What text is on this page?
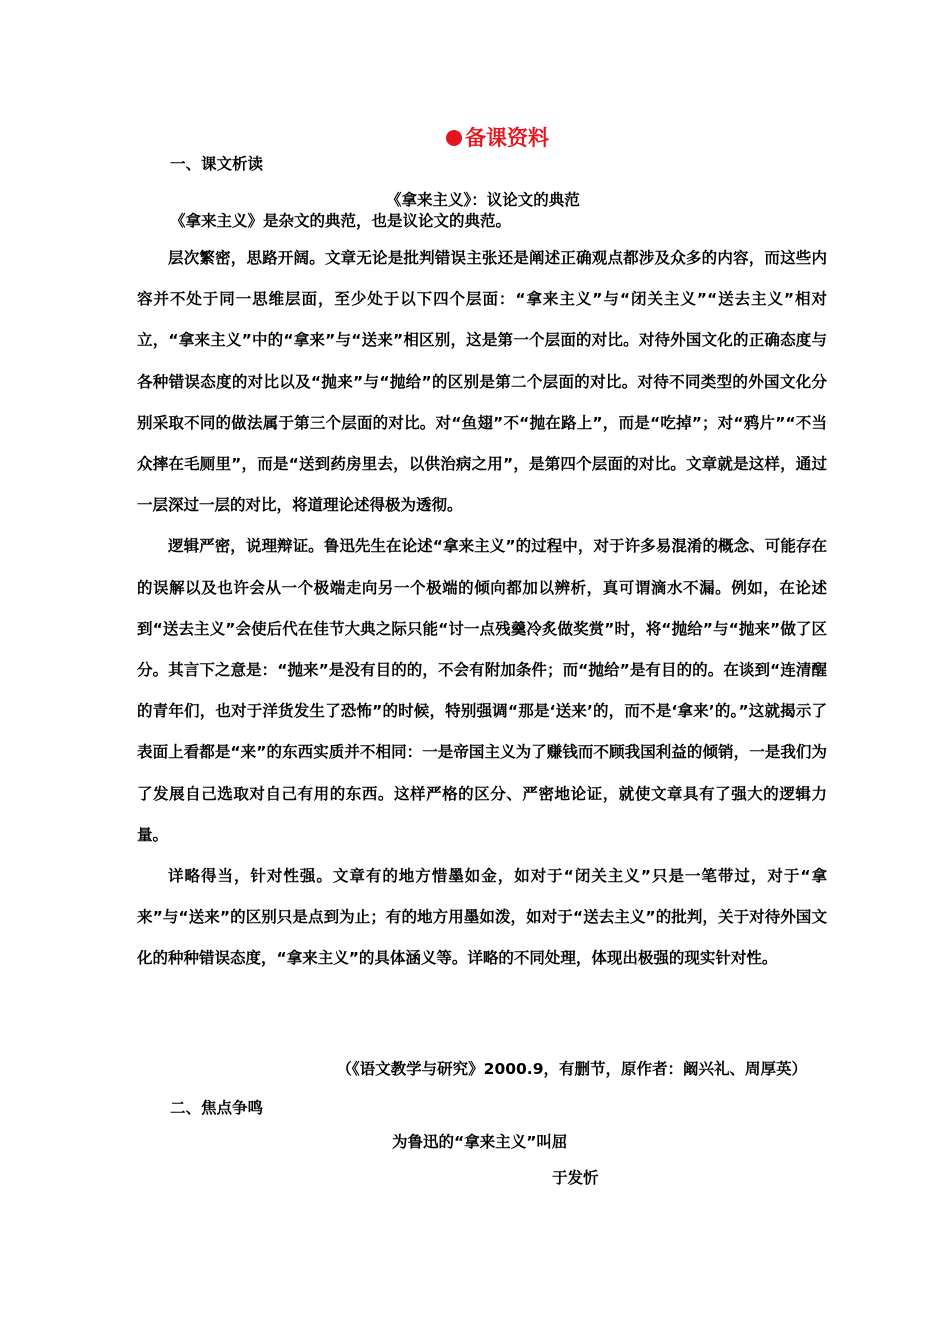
备课资料
一、课文析读
《拿来主义》：议论文的典范
《拿来主义》是杂文的典范，也是议论文的典范。

层次繁密，思路开阔。文章无论是批判错误主张还是阐述正确观点都涉及众多的内容，而这些内容并不处于同一思维层面，至少处于以下四个层面：“拿来主义”与“闭关主义”“送去主义”相对立，“拿来主义”中的“拿来”与“送来”相区别，这是第一个层面的对比。对待外国文化的正确态度与各种错误态度的对比以及“抛来”与“抛给”的区别是第二个层面的对比。对待不同类型的外国文化分别采取不同的做法属于第三个层面的对比。对“鱼翅”不“抛在路上”，而是“吃掉”；对“鸦片”“不当众摔在毛厕里”，而是“送到药房里去，以供治病之用”，是第四个层面的对比。文章就是这样，通过一层深过一层的对比，将道理论述得极为透彻。

逻辑严密，说理辩证。鲁迅先生在论述“拿来主义”的过程中，对于许多易混淆的概念、可能存在的误解以及也许会从一个极端走向另一个极端的倾向都加以辨析，真可谓滴水不漏。例如，在论述到“送去主义”会使后代在佳节大典之际只能“讨一点残羹冷炙做奖赏”时，将“抛给”与“抛来”做了区分。其言下之意是：“抛来”是没有目的的，不会有附加条件；而“抛给”是有目的的。在谈到“连清醒的青年们，也对于洋货发生了恐怖”的时候，特别强调“那是‘送来’的，而不是‘拿来’的。”这就揭示了表面上看都是“来”的东西实质并不相同：一是帝国主义为了赚钱而不顾我国利益的倾销，一是我们为了发展自己选取对自己有用的东西。这样严格的区分、严密地论证，就使文章具有了强大的逻辑力量。

详略得当，针对性强。文章有的地方惜墨如金，如对于“闭关主义”只是一笔带过，对于“拿来”与“送来”的区别只是点到为止；有的地方用墨如泼，如对于“送去主义”的批判，关于对待外国文化的种种错误态度，“拿来主义”的具体涵义等。详略的不同处理，体现出极强的现实针对性。

（《语文教学与研究》2000.9，有删节，原作者：阚兴礼、周厚英）
二、焦点争鸣
为鲁迅的“拿来主义”叫屈
于发忻
